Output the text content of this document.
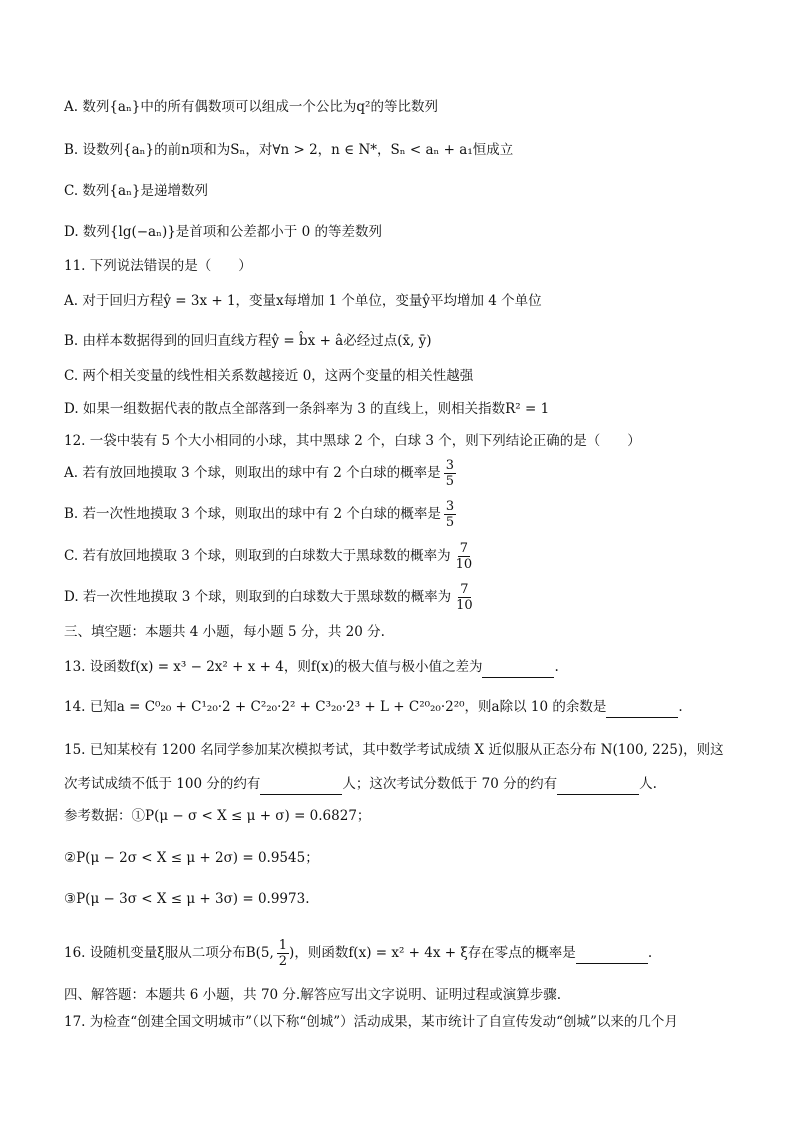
A. 数列{aₙ}中的所有偶数项可以组成一个公比为q²的等比数列
B. 设数列{aₙ}的前n项和为Sₙ，对∀n > 2，n ∈ N*，Sₙ < aₙ + a₁恒成立
C. 数列{aₙ}是递增数列
D. 数列{lg(−aₙ)}是首项和公差都小于 0 的等差数列
11. 下列说法错误的是（　　）
A. 对于回归方程ŷ = 3x + 1，变量x每增加 1 个单位，变量ŷ平均增加 4 个单位
B. 由样本数据得到的回归直线方程ŷ = b̂x + â必经过点(x̄, ȳ)
C. 两个相关变量的线性相关系数越接近 0，这两个变量的相关性越强
D. 如果一组数据代表的散点全部落到一条斜率为 3 的直线上，则相关指数R² = 1
12. 一袋中装有 5 个大小相同的小球，其中黑球 2 个，白球 3 个，则下列结论正确的是（　　）
A. 若有放回地摸取 3 个球，则取出的球中有 2 个白球的概率是 $\frac{3}{5}$
B. 若一次性地摸取 3 个球，则取出的球中有 2 个白球的概率是 $\frac{3}{5}$
C. 若有放回地摸取 3 个球，则取到的白球数大于黑球数的概率为 $\frac{7}{10}$
D. 若一次性地摸取 3 个球，则取到的白球数大于黑球数的概率为 $\frac{7}{10}$
三、填空题：本题共 4 小题，每小题 5 分，共 20 分.
13. 设函数f(x) = x³ − 2x² + x + 4，则f(x)的极大值与极小值之差为	.
14. 已知a = C⁰₂₀ + C¹₂₀·2 + C²₂₀·2² + C³₂₀·2³ + L + C²⁰₂₀·2²⁰，则a除以 10 的余数是	.
15. 已知某校有 1200 名同学参加某次模拟考试，其中数学考试成绩 X 近似服从正态分布 N(100, 225)，则这
次考试成绩不低于 100 分的约有	人；这次考试分数低于 70 分的约有	人.
参考数据：①P(μ − σ < X ≤ μ + σ) = 0.6827；
②P(μ − 2σ < X ≤ μ + 2σ) = 0.9545；
③P(μ − 3σ < X ≤ μ + 3σ) = 0.9973.
16. 设随机变量ξ服从二项分布B(5, $\frac{1}{2}$ )，则函数f(x) = x² + 4x + ξ存在零点的概率是	.
四、解答题：本题共 6 小题，共 70 分.解答应写出文字说明、证明过程或演算步骤.
17. 为检查“创建全国文明城市”（以下称“创城”）活动成果，某市统计了自宣传发动“创城”以来的几个月
